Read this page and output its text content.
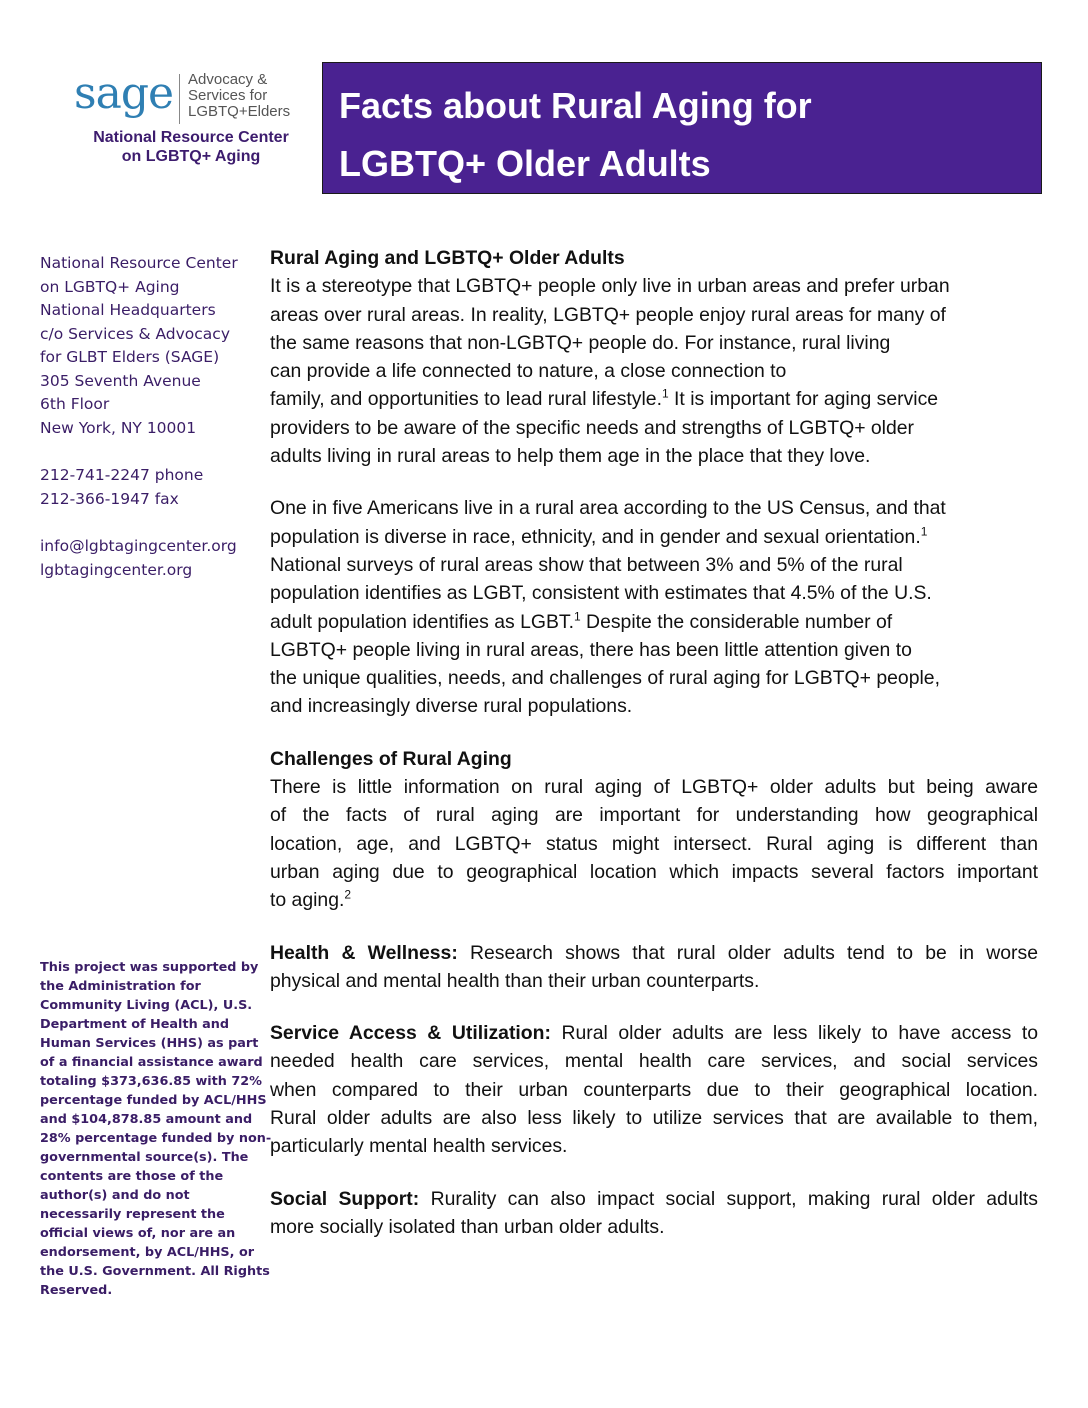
sage Advocacy &
Services for
LGBTQ+Elders
National Resource Center
on LGBTQ+ Aging
Facts about Rural Aging for
LGBTQ+ Older Adults
National Resource Center
on LGBTQ+ Aging
National Headquarters
c/o Services & Advocacy
for GLBT Elders (SAGE)
305 Seventh Avenue
6th Floor
New York, NY 10001
212-741-2247 phone
212-366-1947 fax
info@lgbtagingcenter.org
lgbtagingcenter.org
This project was supported by
the Administration for
Community Living (ACL), U.S.
Department of Health and
Human Services (HHS) as part
of a financial assistance award
totaling $373,636.85 with 72%
percentage funded by ACL/HHS
and $104,878.85 amount and
28% percentage funded by non-
governmental source(s). The
contents are those of the
author(s) and do not
necessarily represent the
official views of, nor are an
endorsement, by ACL/HHS, or
the U.S. Government. All Rights
Reserved.

Rural Aging and LGBTQ+ Older Adults
It is a stereotype that LGBTQ+ people only live in urban areas and prefer urban
areas over rural areas. In reality, LGBTQ+ people enjoy rural areas for many of
the same reasons that non-LGBTQ+ people do. For instance, rural living
can provide a life connected to nature, a close connection to
family, and opportunities to lead rural lifestyle.$^1$ It is important for aging service
providers to be aware of the specific needs and strengths of LGBTQ+ older
adults living in rural areas to help them age in the place that they love.

One in five Americans live in a rural area according to the US Census, and that
population is diverse in race, ethnicity, and in gender and sexual orientation.$^1$
National surveys of rural areas show that between 3% and 5% of the rural
population identifies as LGBT, consistent with estimates that 4.5% of the U.S.
adult population identifies as LGBT.$^1$ Despite the considerable number of
LGBTQ+ people living in rural areas, there has been little attention given to
the unique qualities, needs, and challenges of rural aging for LGBTQ+ people,
and increasingly diverse rural populations.

Challenges of Rural Aging
There is little information on rural aging of LGBTQ+ older adults but being aware
of the facts of rural aging are important for understanding how geographical
location, age, and LGBTQ+ status might intersect. Rural aging is different than
urban aging due to geographical location which impacts several factors important
to aging.$^2$

Health & Wellness: Research shows that rural older adults tend to be in worse
physical and mental health than their urban counterparts.

Service Access & Utilization: Rural older adults are less likely to have access to
needed health care services, mental health care services, and social services
when compared to their urban counterparts due to their geographical location.
Rural older adults are also less likely to utilize services that are available to them,
particularly mental health services.

Social Support: Rurality can also impact social support, making rural older adults
more socially isolated than urban older adults.
